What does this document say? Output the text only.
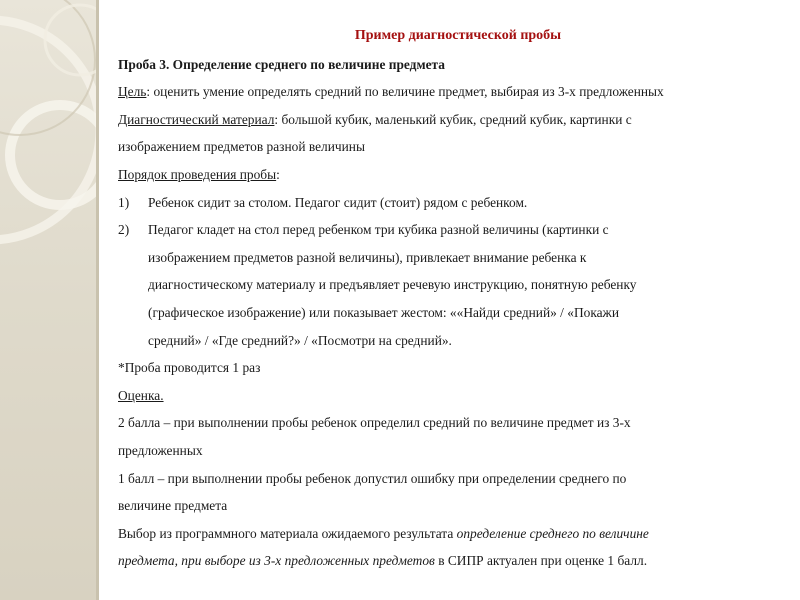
Пример диагностической пробы
Проба 3. Определение среднего по величине предмета
Цель: оценить умение определять средний по величине предмет, выбирая из 3-х предложенных
Диагностический материал: большой кубик, маленький кубик, средний кубик, картинки с
изображением предметов разной величины
Порядок проведения пробы:
1) Ребенок сидит за столом. Педагог сидит (стоит) рядом с ребенком.
2) Педагог кладет на стол перед ребенком три кубика разной величины (картинки с
изображением предметов разной величины), привлекает внимание ребенка к
диагностическому материалу и предъявляет речевую инструкцию, понятную ребенку
(графическое изображение) или показывает жестом: ««Найди средний» / «Покажи
средний» / «Где средний?» / «Посмотри на средний».
*Проба проводится 1 раз
Оценка.
2 балла – при выполнении пробы ребенок определил средний по величине предмет из 3-х
предложенных
1 балл – при выполнении пробы ребенок допустил ошибку при определении среднего по
величине предмета
Выбор из программного материала ожидаемого результата определение среднего по величине
предмета, при выборе из 3-х предложенных предметов в СИПР актуален при оценке 1 балл.
